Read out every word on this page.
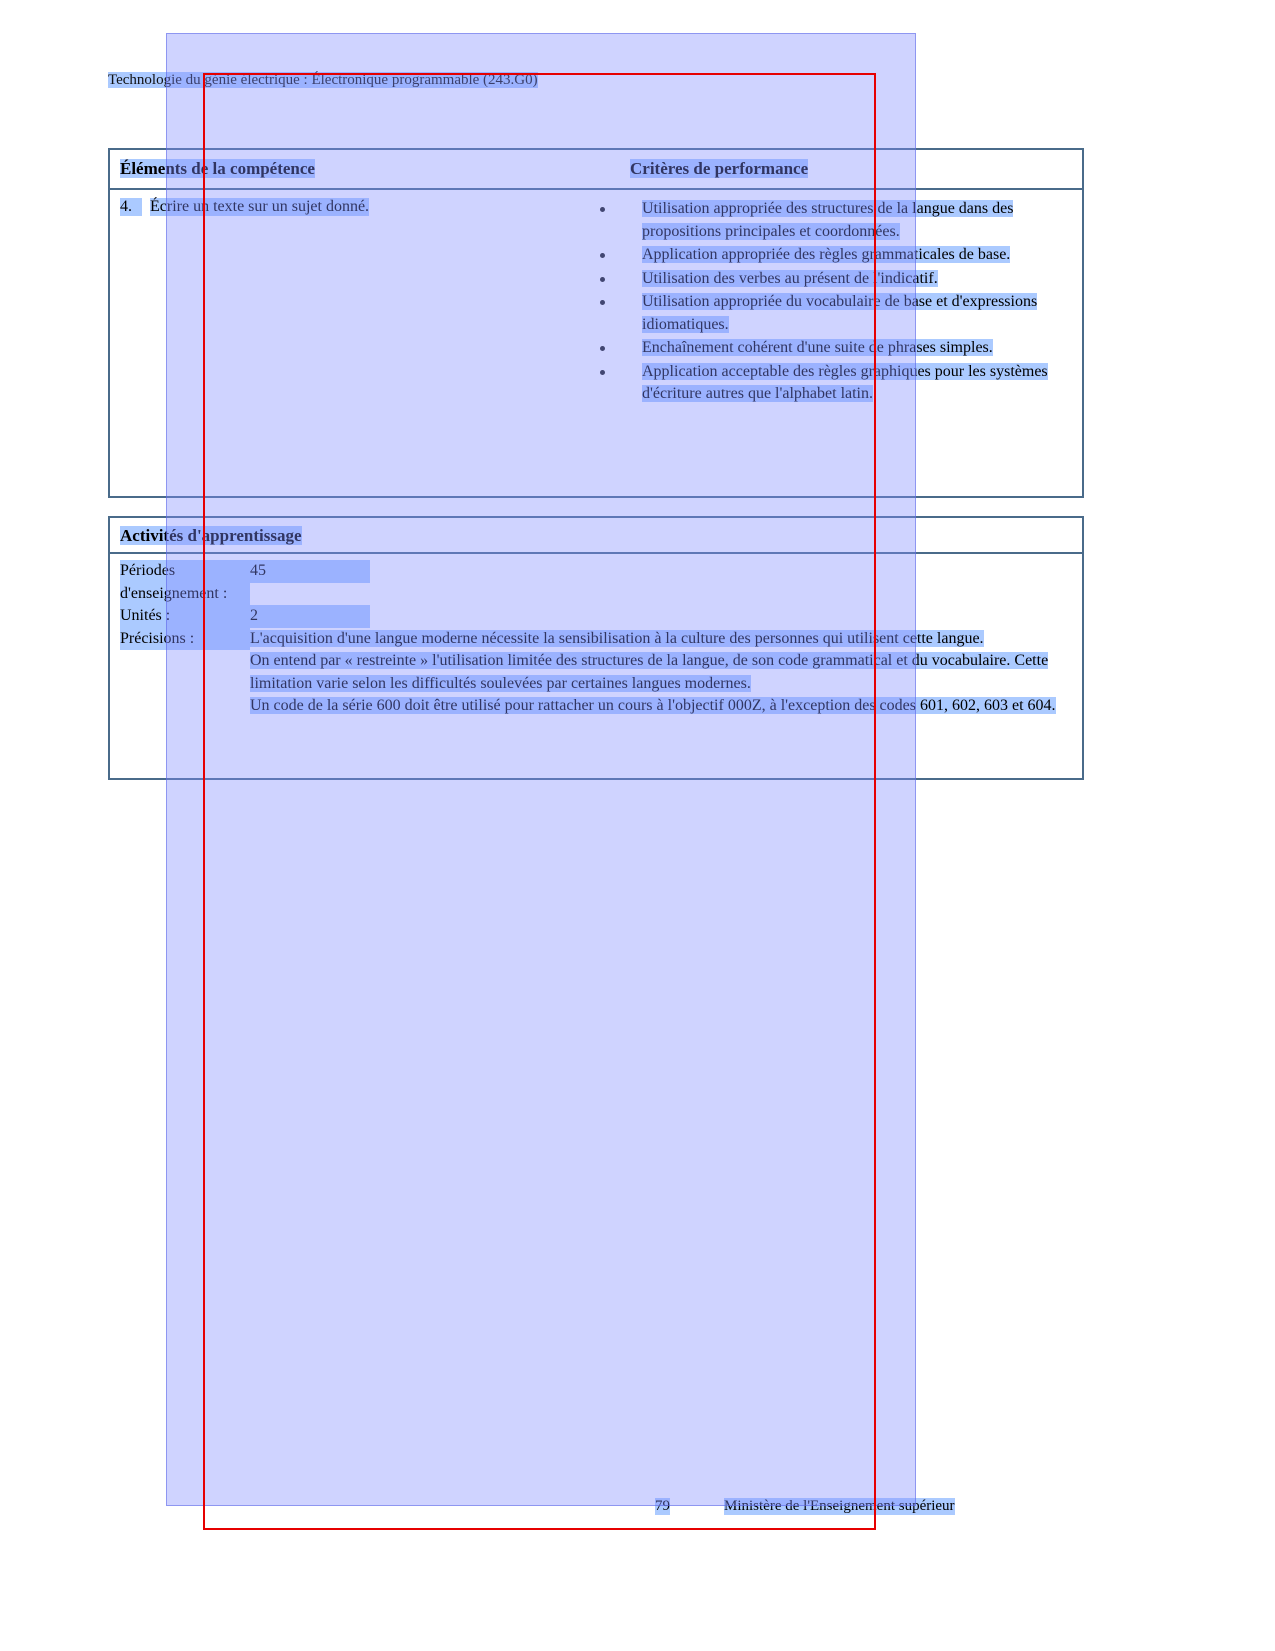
Technologie du génie électrique : Électronique programmable (243.G0)
Éléments de la compétence	Critères de performance
4.	Écrire un texte sur un sujet donné.	Utilisation appropriée des structures de la langue dans des propositions principales et coordonnées.
Application appropriée des règles grammaticales de base.
Utilisation des verbes au présent de l'indicatif.
Utilisation appropriée du vocabulaire de base et d'expressions idiomatiques.
Enchaînement cohérent d'une suite de phrases simples.
Application acceptable des règles graphiques pour les systèmes d'écriture autres que l'alphabet latin.
Activités d'apprentissage
Périodes d'enseignement :
45
Unités :	2
Précisions :	L'acquisition d'une langue moderne nécessite la sensibilisation à la culture des personnes qui utilisent cette langue.

On entend par « restreinte » l'utilisation limitée des structures de la langue, de son code grammatical et du vocabulaire. Cette limitation varie selon les difficultés soulevées par certaines langues modernes.

Un code de la série 600 doit être utilisé pour rattacher un cours à l'objectif 000Z, à l'exception des codes 601, 602, 603 et 604.

79	Ministère de l'Enseignement supérieur
